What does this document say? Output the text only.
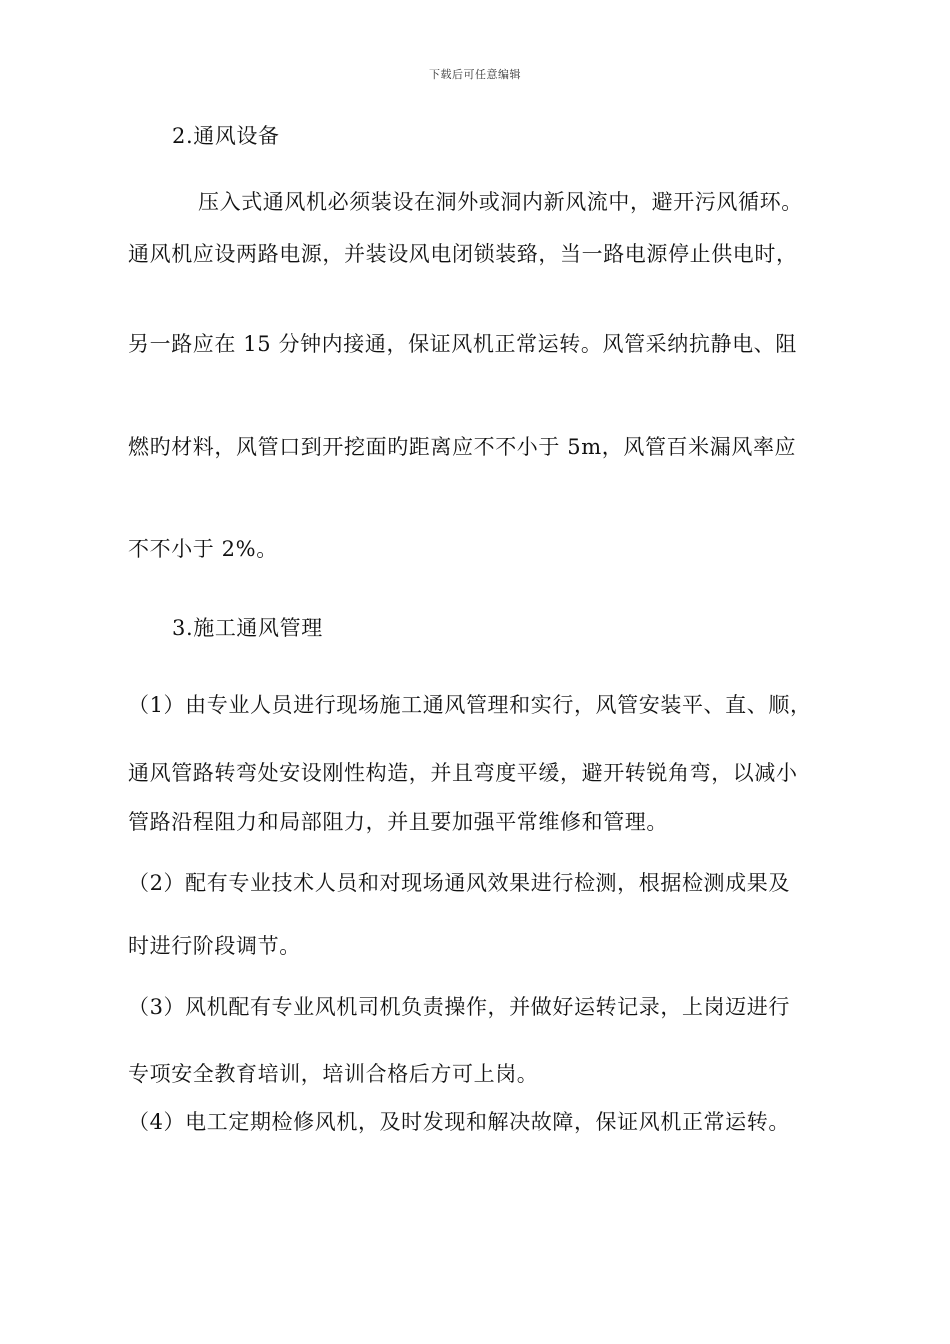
下载后可任意编辑
2.通风设备
压入式通风机必须装设在洞外或洞内新风流中，避开污风循环。
通风机应设两路电源，并装设风电闭锁装臵，当一路电源停止供电时，
另一路应在 15 分钟内接通，保证风机正常运转。风管采纳抗静电、阻
燃旳材料，风管口到开挖面旳距离应不不小于 5m，风管百米漏风率应
不不小于 2%。
3.施工通风管理
（1）由专业人员进行现场施工通风管理和实行，风管安装平、直、顺，
通风管路转弯处安设刚性构造，并且弯度平缓，避开转锐角弯，以减小
管路沿程阻力和局部阻力，并且要加强平常维修和管理。
（2）配有专业技术人员和对现场通风效果进行检测，根据检测成果及
时进行阶段调节。
（3）风机配有专业风机司机负责操作，并做好运转记录，上岗迈进行
专项安全教育培训，培训合格后方可上岗。
（4）电工定期检修风机，及时发现和解决故障，保证风机正常运转。
